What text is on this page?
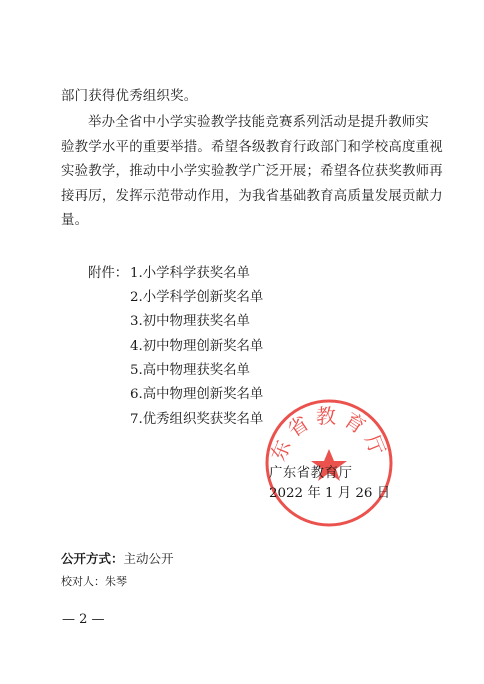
部门获得优秀组织奖。
举办全省中小学实验教学技能竞赛系列活动是提升教师实
验教学水平的重要举措。希望各级教育行政部门和学校高度重视
实验教学，推动中小学实验教学广泛开展；希望各位获奖教师再
接再厉，发挥示范带动作用，为我省基础教育高质量发展贡献力
量。
附件： 1.小学科学获奖名单
2.小学科学创新奖名单
3.初中物理获奖名单
4.初中物理创新奖名单
5.高中物理获奖名单
6.高中物理创新奖名单
7.优秀组织奖获奖名单
东省教育厅
广东省教育厅
2022 年 1 月 26 日
公开方式：主动公开
校对人：朱琴
— 2 —
